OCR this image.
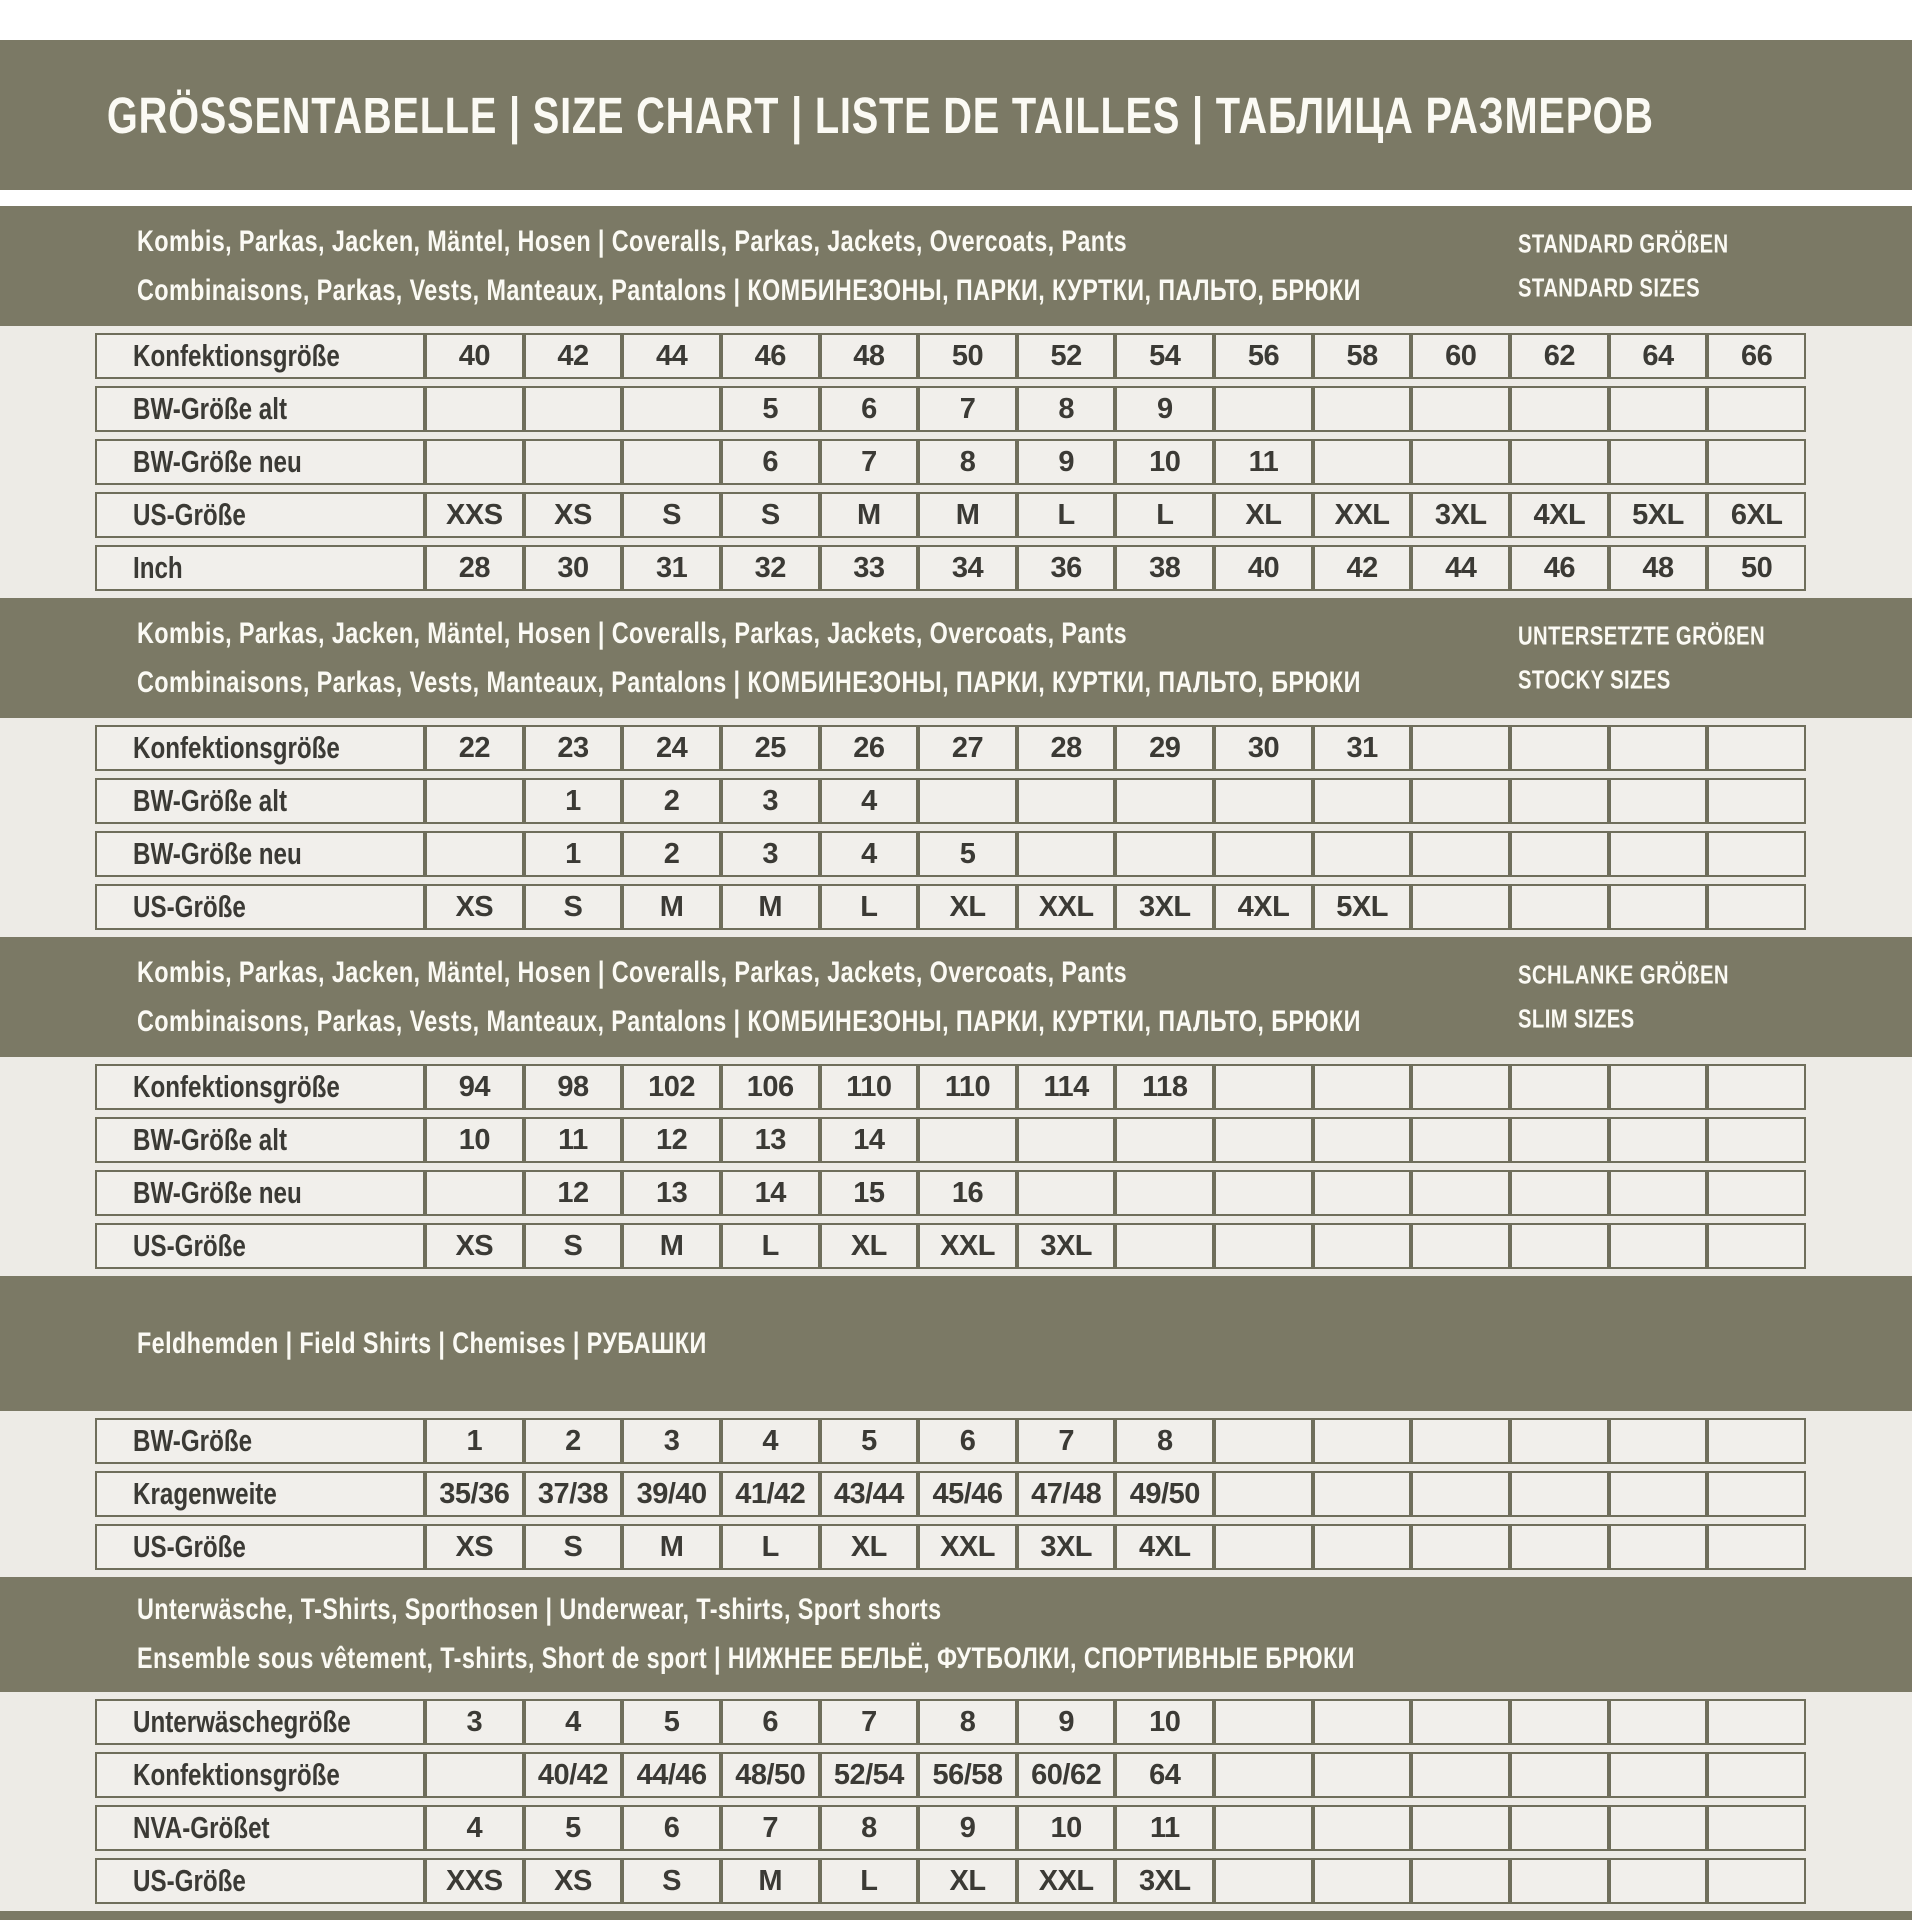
GRÖSSENTABELLE | SIZE CHART | LISTE DE TAILLES | ТАБЛИЦА РАЗМЕРОВ
Kombis, Parkas, Jacken, Mäntel, Hosen | Coveralls, Parkas, Jackets, Overcoats, Pants
Combinaisons, Parkas, Vests, Manteaux, Pantalons | КОМБИНЕЗОНЫ, ПАРКИ, КУРТКИ, ПАЛЬТО, БРЮКИ
STANDARD GRÖßEN
STANDARD SIZES
Konfektionsgröße	40	42	44	46	48	50	52	54	56	58	60	62	64	66
BW-Größe alt				5	6	7	8	9						
BW-Größe neu				6	7	8	9	10	11					
US-Größe	XXS	XS	S	S	M	M	L	L	XL	XXL	3XL	4XL	5XL	6XL
Inch	28	30	31	32	33	34	36	38	40	42	44	46	48	50
Kombis, Parkas, Jacken, Mäntel, Hosen | Coveralls, Parkas, Jackets, Overcoats, Pants
Combinaisons, Parkas, Vests, Manteaux, Pantalons | КОМБИНЕЗОНЫ, ПАРКИ, КУРТКИ, ПАЛЬТО, БРЮКИ
UNTERSETZTE GRÖßEN
STOCKY SIZES
Konfektionsgröße	22	23	24	25	26	27	28	29	30	31				
BW-Größe alt		1	2	3	4									
BW-Größe neu		1	2	3	4	5								
US-Größe	XS	S	M	M	L	XL	XXL	3XL	4XL	5XL				
Kombis, Parkas, Jacken, Mäntel, Hosen | Coveralls, Parkas, Jackets, Overcoats, Pants
Combinaisons, Parkas, Vests, Manteaux, Pantalons | КОМБИНЕЗОНЫ, ПАРКИ, КУРТКИ, ПАЛЬТО, БРЮКИ
SCHLANKE GRÖßEN
SLIM SIZES
Konfektionsgröße	94	98	102	106	110	110	114	118						
BW-Größe alt	10	11	12	13	14									
BW-Größe neu		12	13	14	15	16								
US-Größe	XS	S	M	L	XL	XXL	3XL							
Feldhemden | Field Shirts | Chemises | РУБАШКИ
BW-Größe	1	2	3	4	5	6	7	8						
Kragenweite	35/36	37/38	39/40	41/42	43/44	45/46	47/48	49/50						
US-Größe	XS	S	M	L	XL	XXL	3XL	4XL						
Unterwäsche, T-Shirts, Sporthosen | Underwear, T-shirts, Sport shorts
Ensemble sous vêtement, T-shirts, Short de sport | НИЖНЕЕ БЕЛЬЁ, ФУТБОЛКИ, СПОРТИВНЫЕ БРЮКИ
Unterwäschegröße	3	4	5	6	7	8	9	10						
Konfektionsgröße		40/42	44/46	48/50	52/54	56/58	60/62	64						
NVA-Größet	4	5	6	7	8	9	10	11						
US-Größe	XXS	XS	S	M	L	XL	XXL	3XL						
